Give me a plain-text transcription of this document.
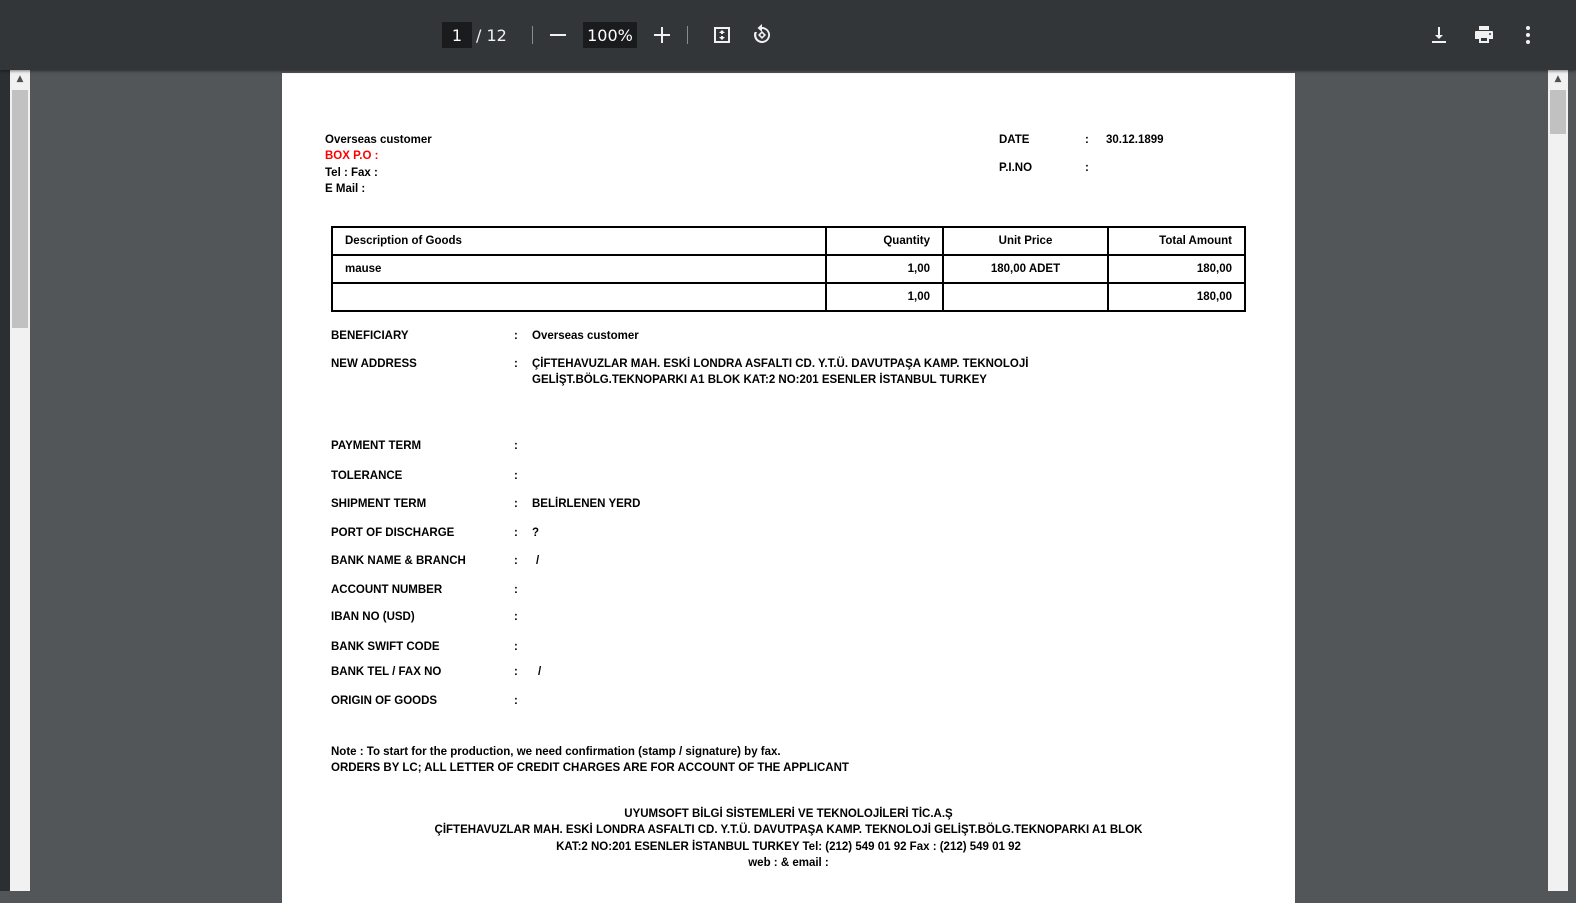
1 / 12	100%
▲	▲
Overseas customer
BOX P.O :
Tel : Fax :
E Mail :
DATE	: 30.12.1899
P.I.NO	:
Description of Goods	Quantity	Unit Price	Total Amount
mause	1,00	180,00 ADET	180,00
	1,00		180,00
BENEFICIARY	: Overseas customer
NEW ADDRESS	: ÇİFTEHAVUZLAR MAH. ESKİ LONDRA ASFALTI CD. Y.T.Ü. DAVUTPAŞA KAMP. TEKNOLOJİ
GELİŞT.BÖLG.TEKNOPARKI A1 BLOK KAT:2 NO:201 ESENLER İSTANBUL TURKEY
PAYMENT TERM	:
TOLERANCE	:
SHIPMENT TERM	: BELİRLENEN YERD
PORT OF DISCHARGE	: ?
BANK NAME & BRANCH	: /
ACCOUNT NUMBER	:
IBAN NO (USD)	:
BANK SWIFT CODE	:
BANK TEL / FAX NO	: /
ORIGIN OF GOODS	:
Note : To start for the production, we need confirmation (stamp / signature) by fax.
ORDERS BY LC; ALL LETTER OF CREDIT CHARGES ARE FOR ACCOUNT OF THE APPLICANT
UYUMSOFT BİLGİ SİSTEMLERİ VE TEKNOLOJİLERİ TİC.A.Ş
ÇİFTEHAVUZLAR MAH. ESKİ LONDRA ASFALTI CD. Y.T.Ü. DAVUTPAŞA KAMP. TEKNOLOJİ GELİŞT.BÖLG.TEKNOPARKI A1 BLOK
KAT:2 NO:201 ESENLER İSTANBUL TURKEY Tel: (212) 549 01 92 Fax : (212) 549 01 92
web : & email :
